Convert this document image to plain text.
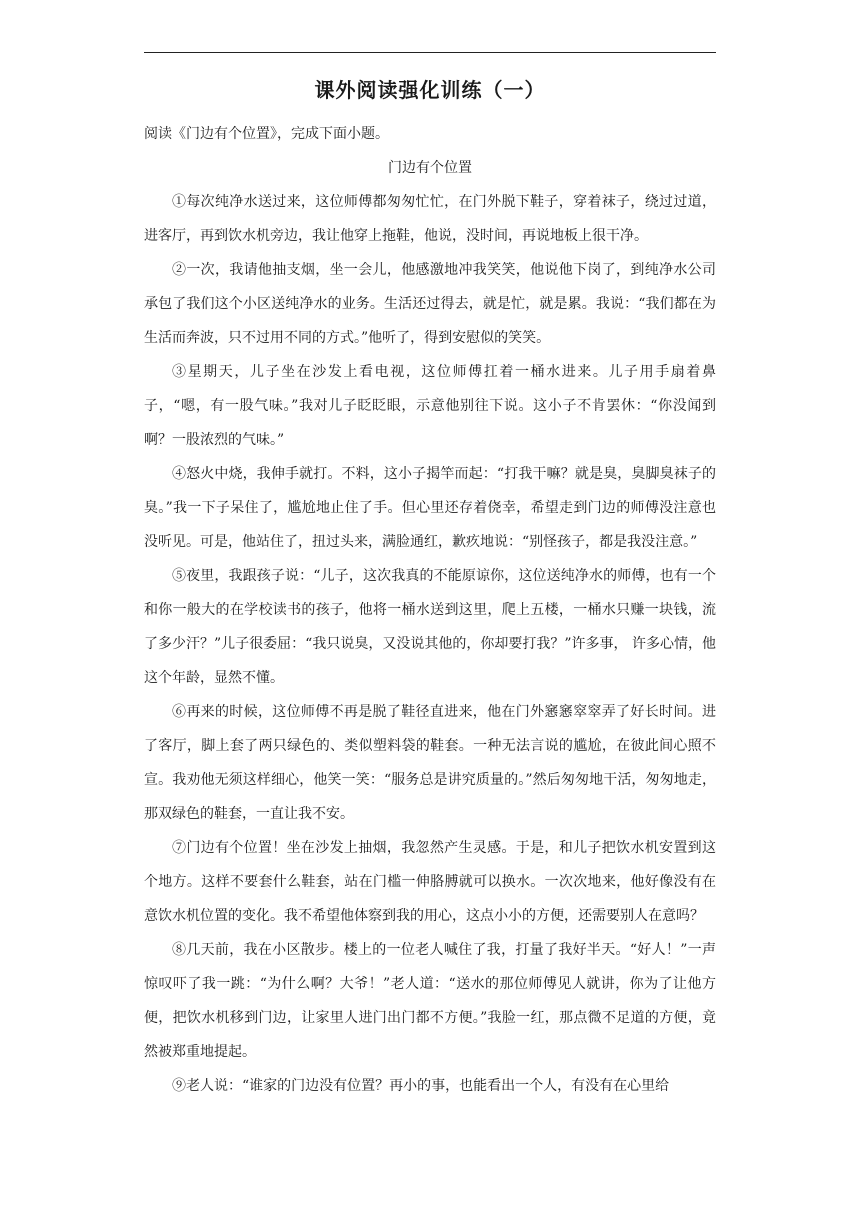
课外阅读强化训练（一）

阅读《门边有个位置》，完成下面小题。

门边有个位置

①每次纯净水送过来，这位师傅都匆匆忙忙，在门外脱下鞋子，穿着袜子，绕过过道，进客厅，再到饮水机旁边，我让他穿上拖鞋，他说，没时间，再说地板上很干净。

②一次，我请他抽支烟，坐一会儿，他感激地冲我笑笑，他说他下岗了，到纯净水公司承包了我们这个小区送纯净水的业务。生活还过得去，就是忙，就是累。我说：“我们都在为生活而奔波，只不过用不同的方式。”他听了，得到安慰似的笑笑。

③星期天，儿子坐在沙发上看电视，这位师傅扛着一桶水进来。儿子用手扇着鼻子，“嗯，有一股气味。”我对儿子眨眨眼，示意他别往下说。这小子不肯罢休：“你没闻到啊？一股浓烈的气味。”

④怒火中烧，我伸手就打。不料，这小子揭竿而起：“打我干嘛？就是臭，臭脚臭袜子的臭。”我一下子呆住了，尴尬地止住了手。但心里还存着侥幸，希望走到门边的师傅没注意也没听见。可是，他站住了，扭过头来，满脸通红，歉疚地说：“别怪孩子，都是我没注意。”

⑤夜里，我跟孩子说：“儿子，这次我真的不能原谅你，这位送纯净水的师傅，也有一个和你一般大的在学校读书的孩子，他将一桶水送到这里，爬上五楼，一桶水只赚一块钱，流了多少汗？”儿子很委屈：“我只说臭，又没说其他的，你却要打我？”许多事， 许多心情，他这个年龄，显然不懂。

⑥再来的时候，这位师傅不再是脱了鞋径直进来，他在门外窸窸窣窣弄了好长时间。进了客厅，脚上套了两只绿色的、类似塑料袋的鞋套。一种无法言说的尴尬，在彼此间心照不宣。我劝他无须这样细心，他笑一笑：“服务总是讲究质量的。”然后匆匆地干活，匆匆地走，那双绿色的鞋套，一直让我不安。

⑦门边有个位置！坐在沙发上抽烟，我忽然产生灵感。于是，和儿子把饮水机安置到这个地方。这样不要套什么鞋套，站在门槛一伸胳膊就可以换水。一次次地来，他好像没有在意饮水机位置的变化。我不希望他体察到我的用心，这点小小的方便，还需要别人在意吗？

⑧几天前，我在小区散步。楼上的一位老人喊住了我，打量了我好半天。“好人！”一声惊叹吓了我一跳：“为什么啊？大爷！”老人道：“送水的那位师傅见人就讲，你为了让他方便，把饮水机移到门边，让家里人进门出门都不方便。”我脸一红，那点微不足道的方便，竟然被郑重地提起。

⑨老人说：“谁家的门边没有位置？再小的事，也能看出一个人，有没有在心里给
